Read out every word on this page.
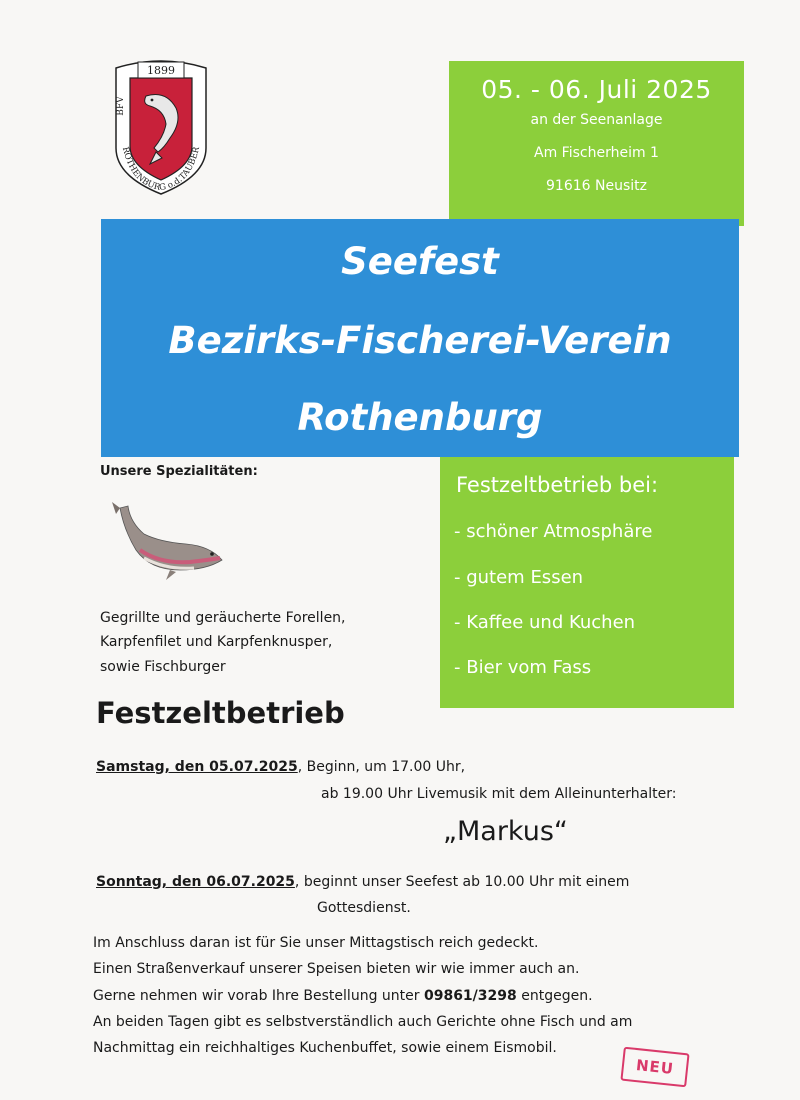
1899
BFV
ROTHENBURG o.d.TAUBER
05. - 06. Juli 2025
an der Seenanlage
Am Fischerheim 1
91616 Neusitz
Seefest
Bezirks-Fischerei-Verein
Rothenburg
Festzeltbetrieb bei:
- schöner Atmosphäre
- gutem Essen
- Kaffee und Kuchen
- Bier vom Fass
Unsere Spezialitäten:
Gegrillte und geräucherte Forellen,
Karpfenfilet und Karpfenknusper,
sowie Fischburger
Festzeltbetrieb
Samstag, den 05.07.2025, Beginn, um 17.00 Uhr,
ab 19.00 Uhr Livemusik mit dem Alleinunterhalter:
„Markus“
Sonntag, den 06.07.2025, beginnt unser Seefest ab 10.00 Uhr mit einem
Gottesdienst.
Im Anschluss daran ist für Sie unser Mittagstisch reich gedeckt.
Einen Straßenverkauf unserer Speisen bieten wir wie immer auch an.
Gerne nehmen wir vorab Ihre Bestellung unter 09861/3298 entgegen.
An beiden Tagen gibt es selbstverständlich auch Gerichte ohne Fisch und am
Nachmittag ein reichhaltiges Kuchenbuffet, sowie einem Eismobil.
NEU
